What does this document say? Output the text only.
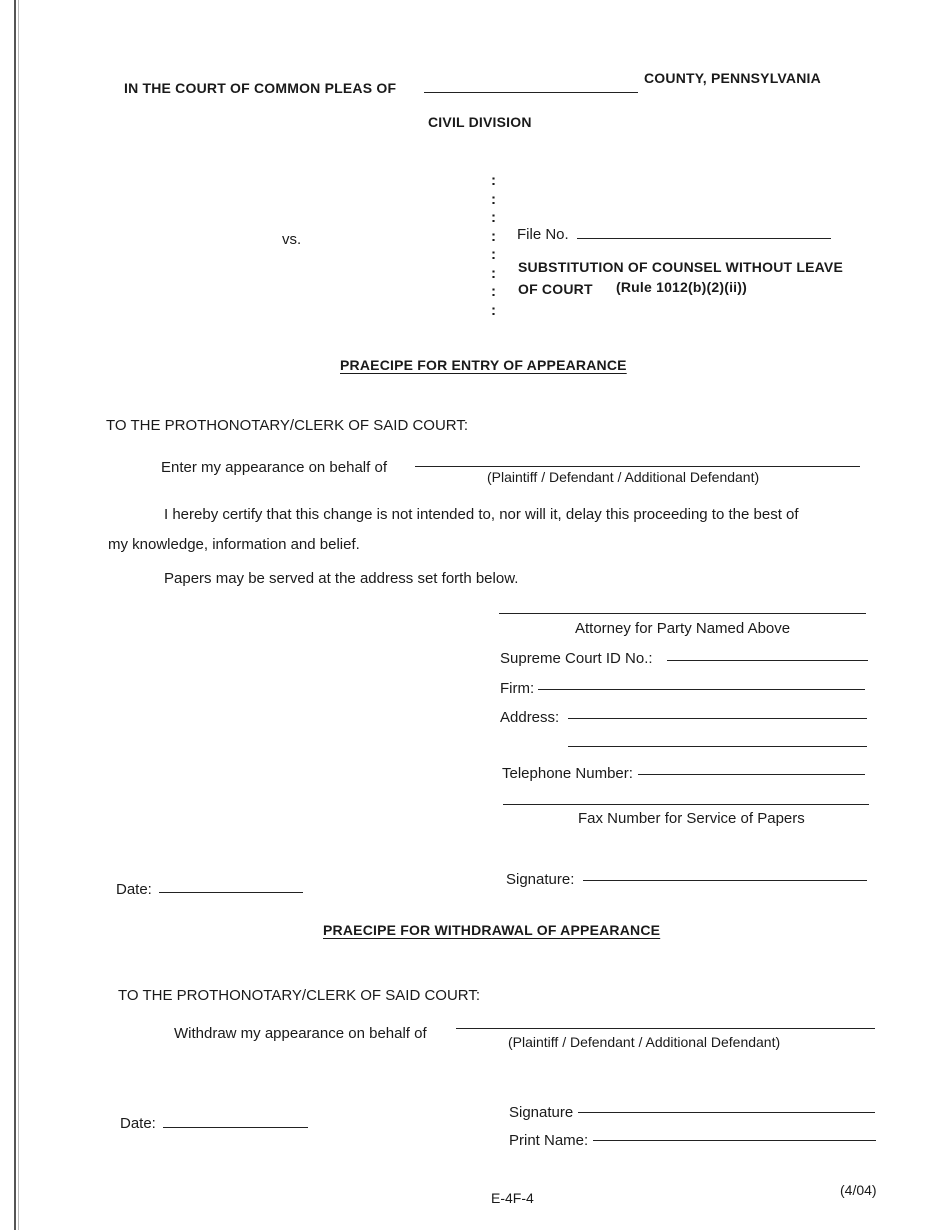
IN THE COURT OF COMMON PLEAS OF
COUNTY, PENNSYLVANIA
CIVIL DIVISION
:
:
:
:
:
:
:
:
vs.	File No.
SUBSTITUTION OF COUNSEL WITHOUT LEAVE
OF COURT (Rule 1012(b)(2)(ii))
PRAECIPE FOR ENTRY OF APPEARANCE
TO THE PROTHONOTARY/CLERK OF SAID COURT:
Enter my appearance on behalf of
(Plaintiff / Defendant / Additional Defendant)
I hereby certify that this change is not intended to, nor will it, delay this proceeding to the best of
my knowledge, information and belief.
Papers may be served at the address set forth below.
Attorney for Party Named Above
Supreme Court ID No.:
Firm:
Address:
Telephone Number:
Fax Number for Service of Papers
Date:
Signature:
PRAECIPE FOR WITHDRAWAL OF APPEARANCE
TO THE PROTHONOTARY/CLERK OF SAID COURT:
Withdraw my appearance on behalf of	(Plaintiff / Defendant / Additional Defendant)
Date:
Signature
Print Name:
E-4F-4	(4/04)
